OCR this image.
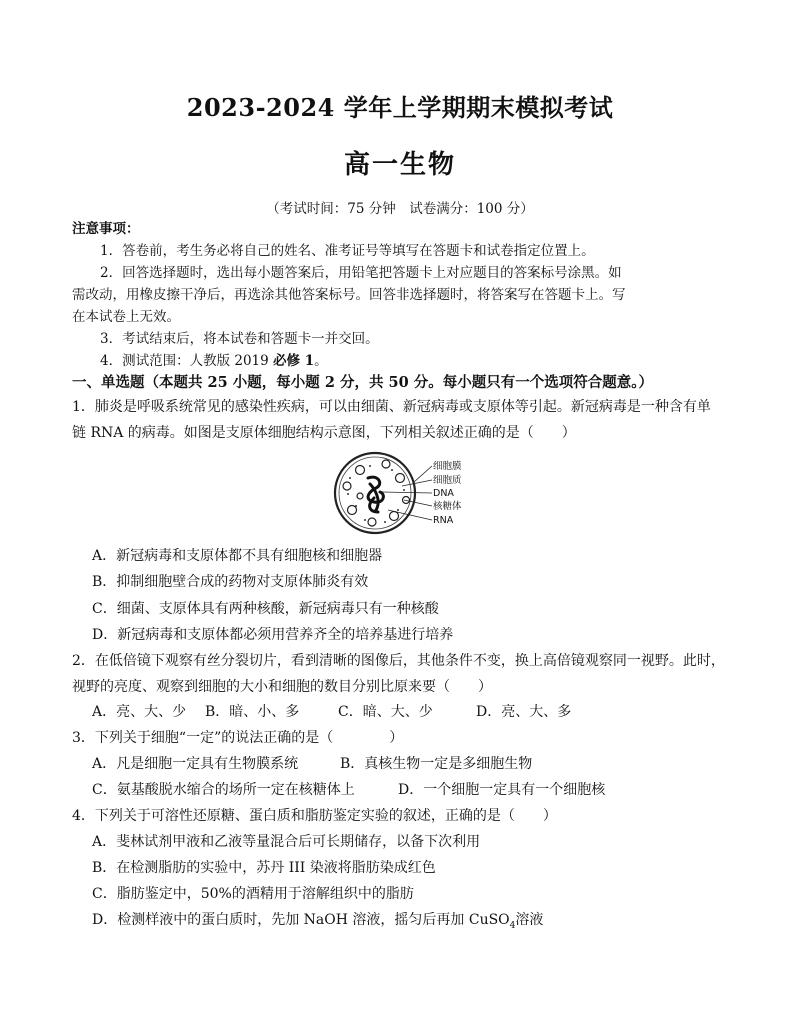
2023-2024 学年上学期期末模拟考试
高一生物
（考试时间：75 分钟　试卷满分：100 分）
注意事项：
1．答卷前，考生务必将自己的姓名、准考证号等填写在答题卡和试卷指定位置上。
2．回答选择题时，选出每小题答案后，用铅笔把答题卡上对应题目的答案标号涂黑。如
需改动，用橡皮擦干净后，再选涂其他答案标号。回答非选择题时，将答案写在答题卡上。写
在本试卷上无效。
3．考试结束后，将本试卷和答题卡一并交回。
4．测试范围：人教版 2019 必修 1。
一、单选题（本题共 25 小题，每小题 2 分，共 50 分。每小题只有一个选项符合题意。）
1．肺炎是呼吸系统常见的感染性疾病，可以由细菌、新冠病毒或支原体等引起。新冠病毒是一种含有单
链 RNA 的病毒。如图是支原体细胞结构示意图，下列相关叙述正确的是（　　）
细胞膜
细胞质
DNA
核糖体
RNA
A．新冠病毒和支原体都不具有细胞核和细胞器
B．抑制细胞壁合成的药物对支原体肺炎有效
C．细菌、支原体具有两种核酸，新冠病毒只有一种核酸
D．新冠病毒和支原体都必须用营养齐全的培养基进行培养
2．在低倍镜下观察有丝分裂切片，看到清晰的图像后，其他条件不变，换上高倍镜观察同一视野。此时，
视野的亮度、观察到细胞的大小和细胞的数目分别比原来要（　　）
A．亮、大、少 B．暗、小、多	C．暗、大、少	D．亮、大、多
3．下列关于细胞“一定”的说法正确的是（　　　　）
A．凡是细胞一定具有生物膜系统	B．真核生物一定是多细胞生物
C．氨基酸脱水缩合的场所一定在核糖体上	D．一个细胞一定具有一个细胞核
4．下列关于可溶性还原糖、蛋白质和脂肪鉴定实验的叙述，正确的是（　　）
A．斐林试剂甲液和乙液等量混合后可长期储存，以备下次利用
B．在检测脂肪的实验中，苏丹 III 染液将脂肪染成红色
C．脂肪鉴定中，50%的酒精用于溶解组织中的脂肪
D．检测样液中的蛋白质时，先加 NaOH 溶液，摇匀后再加 CuSO$_4$溶液
